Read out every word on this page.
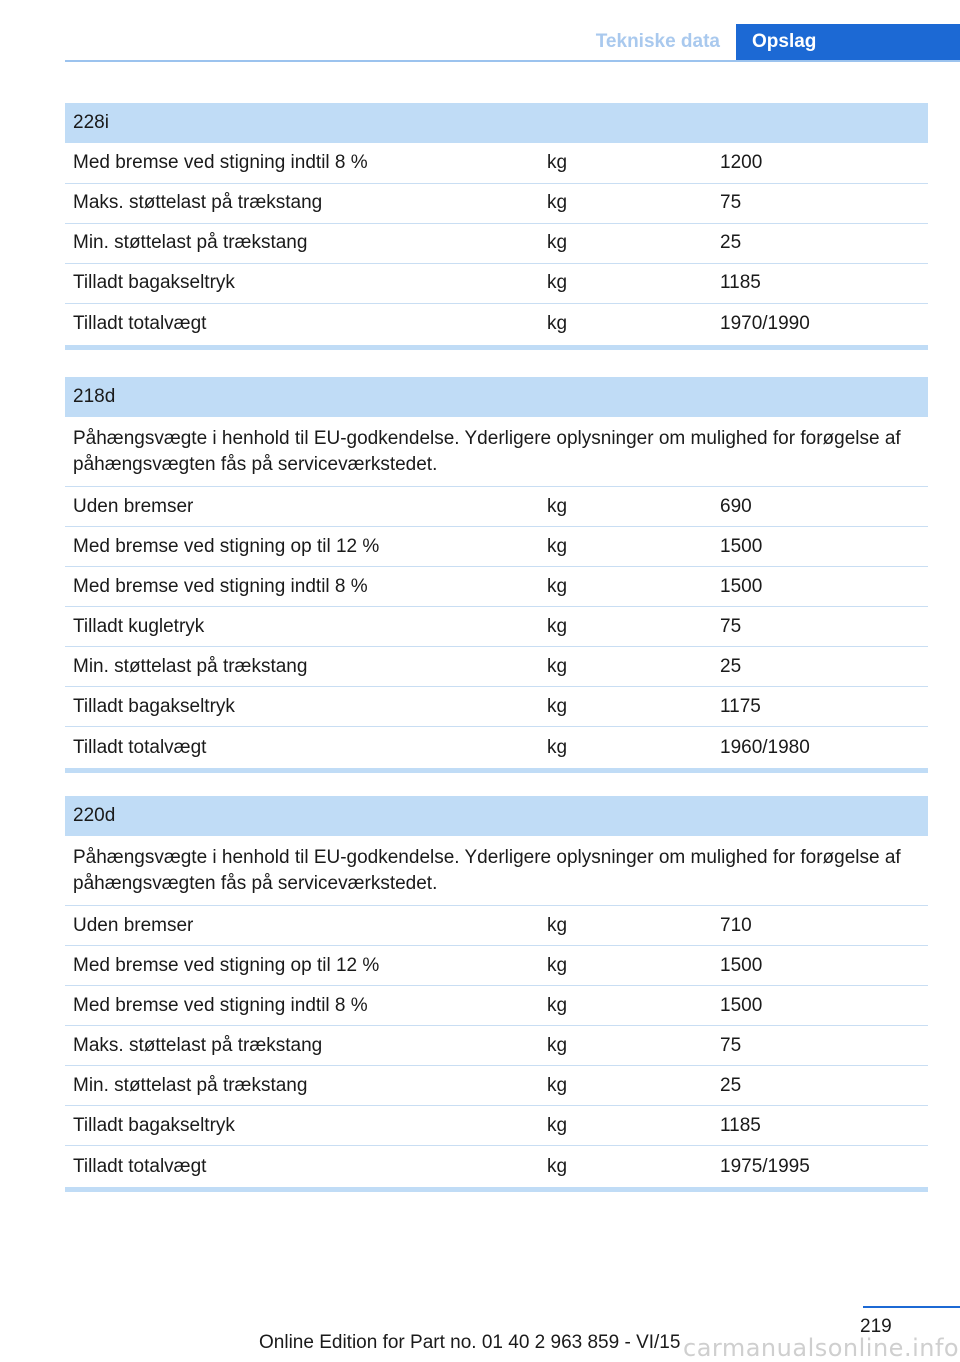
Tekniske data	Opslag
228i		
Med bremse ved stigning indtil 8 %	kg	1200
Maks. støttelast på trækstang	kg	75
Min. støttelast på trækstang	kg	25
Tilladt bagakseltryk	kg	1185
Tilladt totalvægt	kg	1970/1990
218d		
Påhængsvægte i henhold til EU-godkendelse. Yderligere oplysninger om mulighed for forøgelse af påhængsvægten fås på serviceværkstedet.		
Uden bremser	kg	690
Med bremse ved stigning op til 12 %	kg	1500
Med bremse ved stigning indtil 8 %	kg	1500
Tilladt kugletryk	kg	75
Min. støttelast på trækstang	kg	25
Tilladt bagakseltryk	kg	1175
Tilladt totalvægt	kg	1960/1980
220d		
Påhængsvægte i henhold til EU-godkendelse. Yderligere oplysninger om mulighed for forøgelse af påhængsvægten fås på serviceværkstedet.		
Uden bremser	kg	710
Med bremse ved stigning op til 12 %	kg	1500
Med bremse ved stigning indtil 8 %	kg	1500
Maks. støttelast på trækstang	kg	75
Min. støttelast på trækstang	kg	25
Tilladt bagakseltryk	kg	1185
Tilladt totalvægt	kg	1975/1995
219
Online Edition for Part no. 01 40 2 963 859 - VI/15 carmanualsonline.info
